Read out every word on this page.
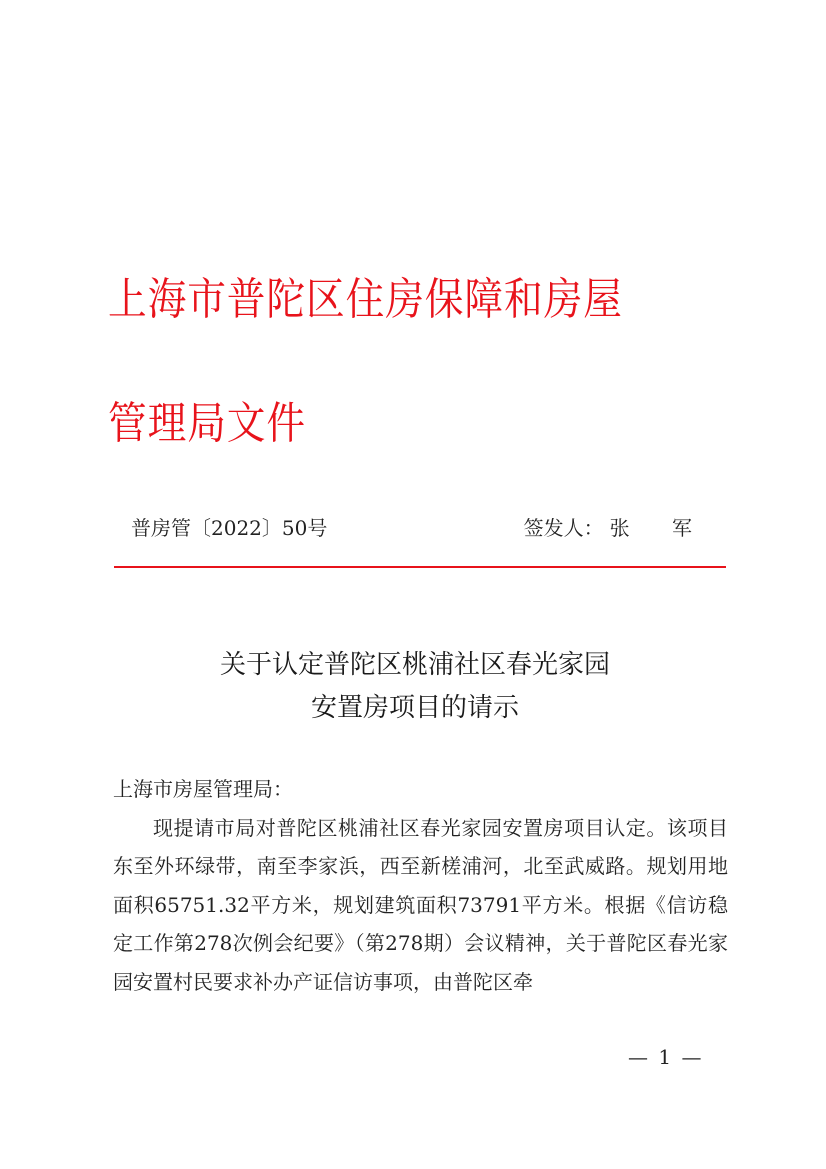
上海市普陀区住房保障和房屋管理局文件
普房管〔2022〕50号	签发人： 张 军
关于认定普陀区桃浦社区春光家园
安置房项目的请示

上海市房屋管理局：

现提请市局对普陀区桃浦社区春光家园安置房项目认定。该项目东至外环绿带，南至李家浜，西至新槎浦河，北至武威路。规划用地面积65751.32平方米，规划建筑面积73791平方米。根据《信访稳定工作第278次例会纪要》（第278期）会议精神，关于普陀区春光家园安置村民要求补办产证信访事项，由普陀区牵

— 1 —
